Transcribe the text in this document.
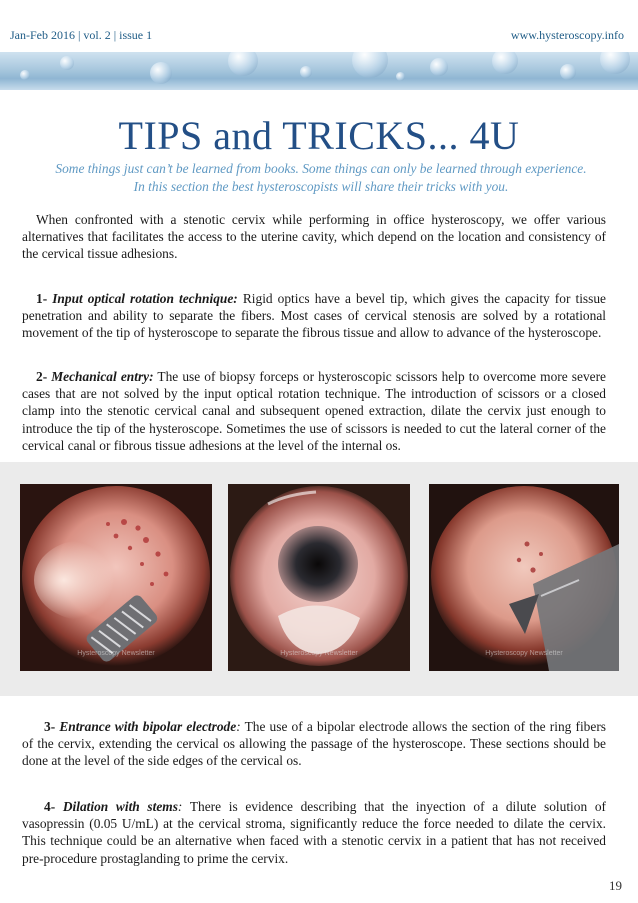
Jan-Feb 2016 | vol. 2 | issue 1	www.hysteroscopy.info
TIPS and TRICKS... 4U
Some things just can’t be learned from books. Some things can only be learned through experience.
In this section the best hysteroscopists will share their tricks with you.
When confronted with a stenotic cervix while performing in office hysteroscopy, we offer various alternatives that facilitates the access to the uterine cavity, which depend on the location and consistency of the cervical tissue adhesions.
1- Input optical rotation technique: Rigid optics have a bevel tip, which gives the capacity for tissue penetration and ability to separate the fibers. Most cases of cervical stenosis are solved by a rotational movement of the tip of hysteroscope to separate the fibrous tissue and allow to advance of the hysteroscope.
2- Mechanical entry: The use of biopsy forceps or hysteroscopic scissors help to overcome more severe cases that are not solved by the input optical rotation technique. The introduction of scissors or a closed clamp into the stenotic cervical canal and subsequent opened extraction, dilate the cervix just enough to introduce the tip of the hysteroscope. Sometimes the use of scissors is needed to cut the lateral corner of the cervical canal or fibrous tissue adhesions at the level of the internal os.
Hysteroscopy Newsletter	Hysteroscopy Newsletter	Hysteroscopy Newsletter
3- Entrance with bipolar electrode: The use of a bipolar electrode allows the section of the ring fibers of the cervix, extending the cervical os allowing the passage of the hysteroscope. These sections should be done at the level of the side edges of the cervical os.
4- Dilation with stems: There is evidence describing that the inyection of a dilute solution of vasopressin (0.05 U/mL) at the cervical stroma, significantly reduce the force needed to dilate the cervix. This technique could be an alternative when faced with a stenotic cervix in a patient that has not received pre-procedure prostaglanding to prime the cervix.
19
